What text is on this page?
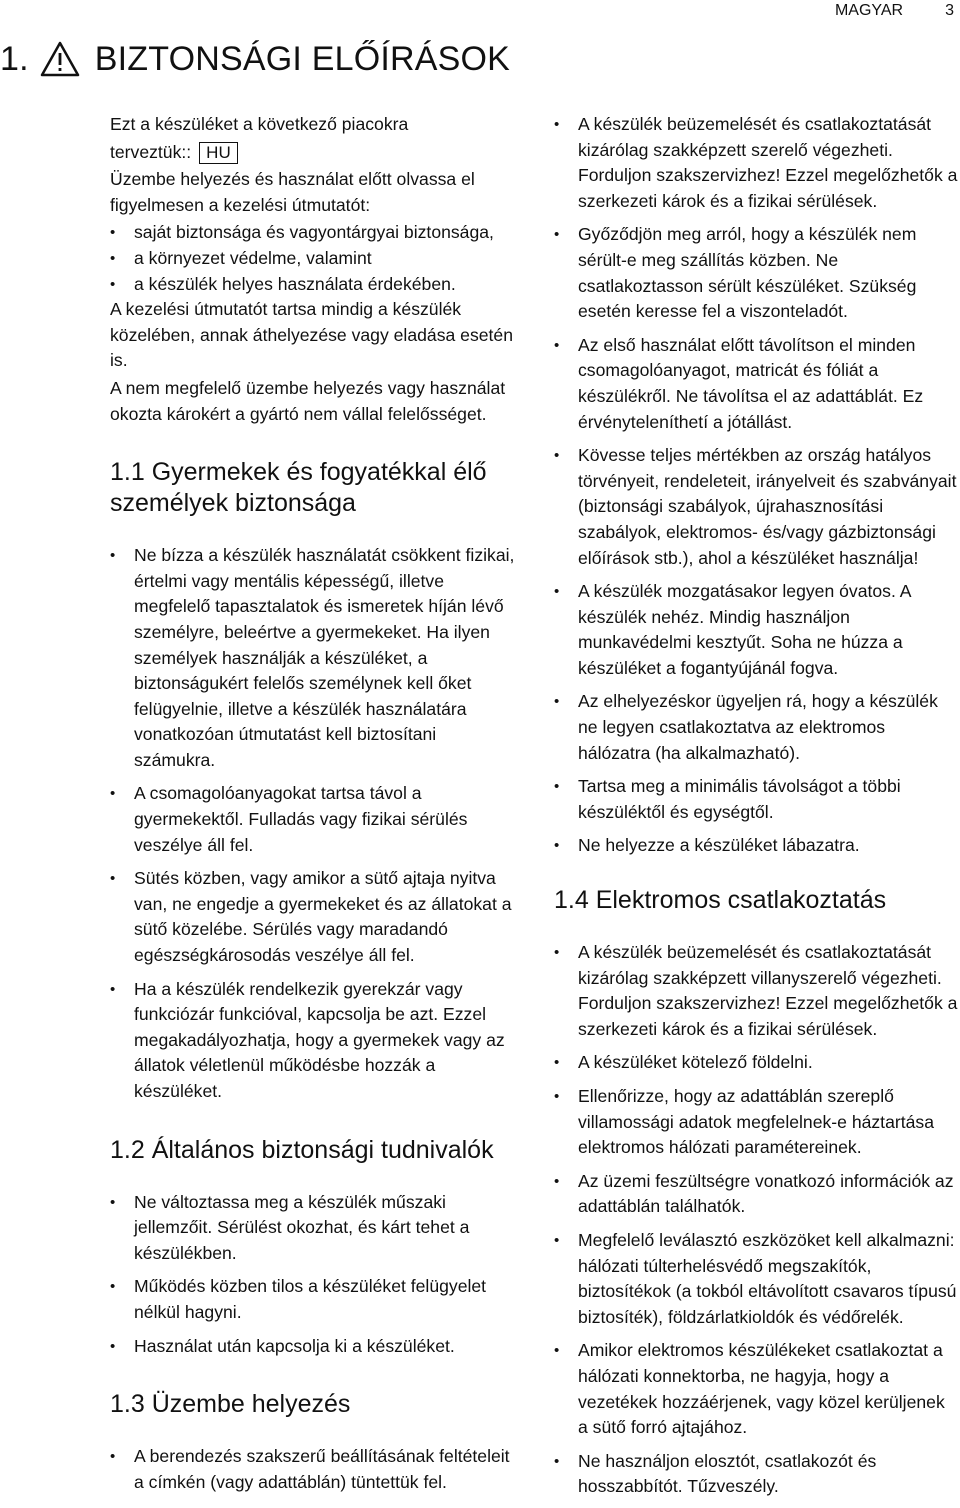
MAGYAR	3
1. BIZTONSÁGI ELŐÍRÁSOK

Ezt a készüléket a következő piacokra

terveztük:: HU

Üzembe helyezés és használat előtt olvassa el figyelmesen a kezelési útmutatót:

• saját biztonsága és vagyontárgyai biztonsága,
• a környezet védelme, valamint
• a készülék helyes használata érdekében.

A kezelési útmutatót tartsa mindig a készülék közelében, annak áthelyezése vagy eladása esetén is.

A nem megfelelő üzembe helyezés vagy használat okozta károkért a gyártó nem vállal felelősséget.

1.1 Gyermekek és fogyatékkal élő személyek biztonsága
• Ne bízza a készülék használatát csökkent fizikai, értelmi vagy mentális képességű, illetve megfelelő tapasztalatok és ismeretek híján lévő személyre, beleértve a gyermekeket. Ha ilyen személyek használják a készüléket, a biztonságukért felelős személynek kell őket felügyelnie, illetve a készülék használatára vonatkozóan útmutatást kell biztosítani számukra.
• A csomagolóanyagokat tartsa távol a gyermekektől. Fulladás vagy fizikai sérülés veszélye áll fel.
• Sütés közben, vagy amikor a sütő ajtaja nyitva van, ne engedje a gyermekeket és az állatokat a sütő közelébe. Sérülés vagy maradandó egészségkárosodás veszélye áll fel.
• Ha a készülék rendelkezik gyerekzár vagy funkciózár funkcióval, kapcsolja be azt. Ezzel megakadályozhatja, hogy a gyermekek vagy az állatok véletlenül működésbe hozzák a készüléket.
1.2 Általános biztonsági tudnivalók
• Ne változtassa meg a készülék műszaki jellemzőit. Sérülést okozhat, és kárt tehet a készülékben.
• Működés közben tilos a készüléket felügyelet nélkül hagyni.
• Használat után kapcsolja ki a készüléket.
1.3 Üzembe helyezés
• A berendezés szakszerű beállításának feltételeit a címkén (vagy adattáblán) tüntettük fel.
• A készülék beüzemelését és csatlakoztatását kizárólag szakképzett szerelő végezheti. Forduljon szakszervizhez! Ezzel megelőzhetők a szerkezeti károk és a fizikai sérülések.
• Győződjön meg arról, hogy a készülék nem sérült-e meg szállítás közben. Ne csatlakoztasson sérült készüléket. Szükség esetén keresse fel a viszonteladót.
• Az első használat előtt távolítson el minden csomagolóanyagot, matricát és fóliát a készülékről. Ne távolítsa el az adattáblát. Ez érvényteleníthetí a jótállást.
• Kövesse teljes mértékben az ország hatályos törvényeit, rendeleteit, irányelveit és szabványait (biztonsági szabályok, újrahasznosítási szabályok, elektromos- és/vagy gázbiztonsági előírások stb.), ahol a készüléket használja!
• A készülék mozgatásakor legyen óvatos. A készülék nehéz. Mindig használjon munkavédelmi kesztyűt. Soha ne húzza a készüléket a fogantyújánál fogva.
• Az elhelyezéskor ügyeljen rá, hogy a készülék ne legyen csatlakoztatva az elektromos hálózatra (ha alkalmazható).
• Tartsa meg a minimális távolságot a többi készüléktől és egységtől.
• Ne helyezze a készüléket lábazatra.
1.4 Elektromos csatlakoztatás
• A készülék beüzemelését és csatlakoztatását kizárólag szakképzett villanyszerelő végezheti. Forduljon szakszervizhez! Ezzel megelőzhetők a szerkezeti károk és a fizikai sérülések.
• A készüléket kötelező földelni.
• Ellenőrizze, hogy az adattáblán szereplő villamossági adatok megfelelnek-e háztartása elektromos hálózati paramétereinek.
• Az üzemi feszültségre vonatkozó információk az adattáblán találhatók.
• Megfelelő leválasztó eszközöket kell alkalmazni: hálózati túlterhelésvédő megszakítók, biztosítékok (a tokból eltávolított csavaros típusú biztosíték), földzárlatkioldók és védőrelék.
• Amikor elektromos készülékeket csatlakoztat a hálózati konnektorba, ne hagyja, hogy a vezetékek hozzáérjenek, vagy közel kerüljenek a sütő forró ajtajához.
• Ne használjon elosztót, csatlakozót és hosszabbítót. Tűzveszély.
